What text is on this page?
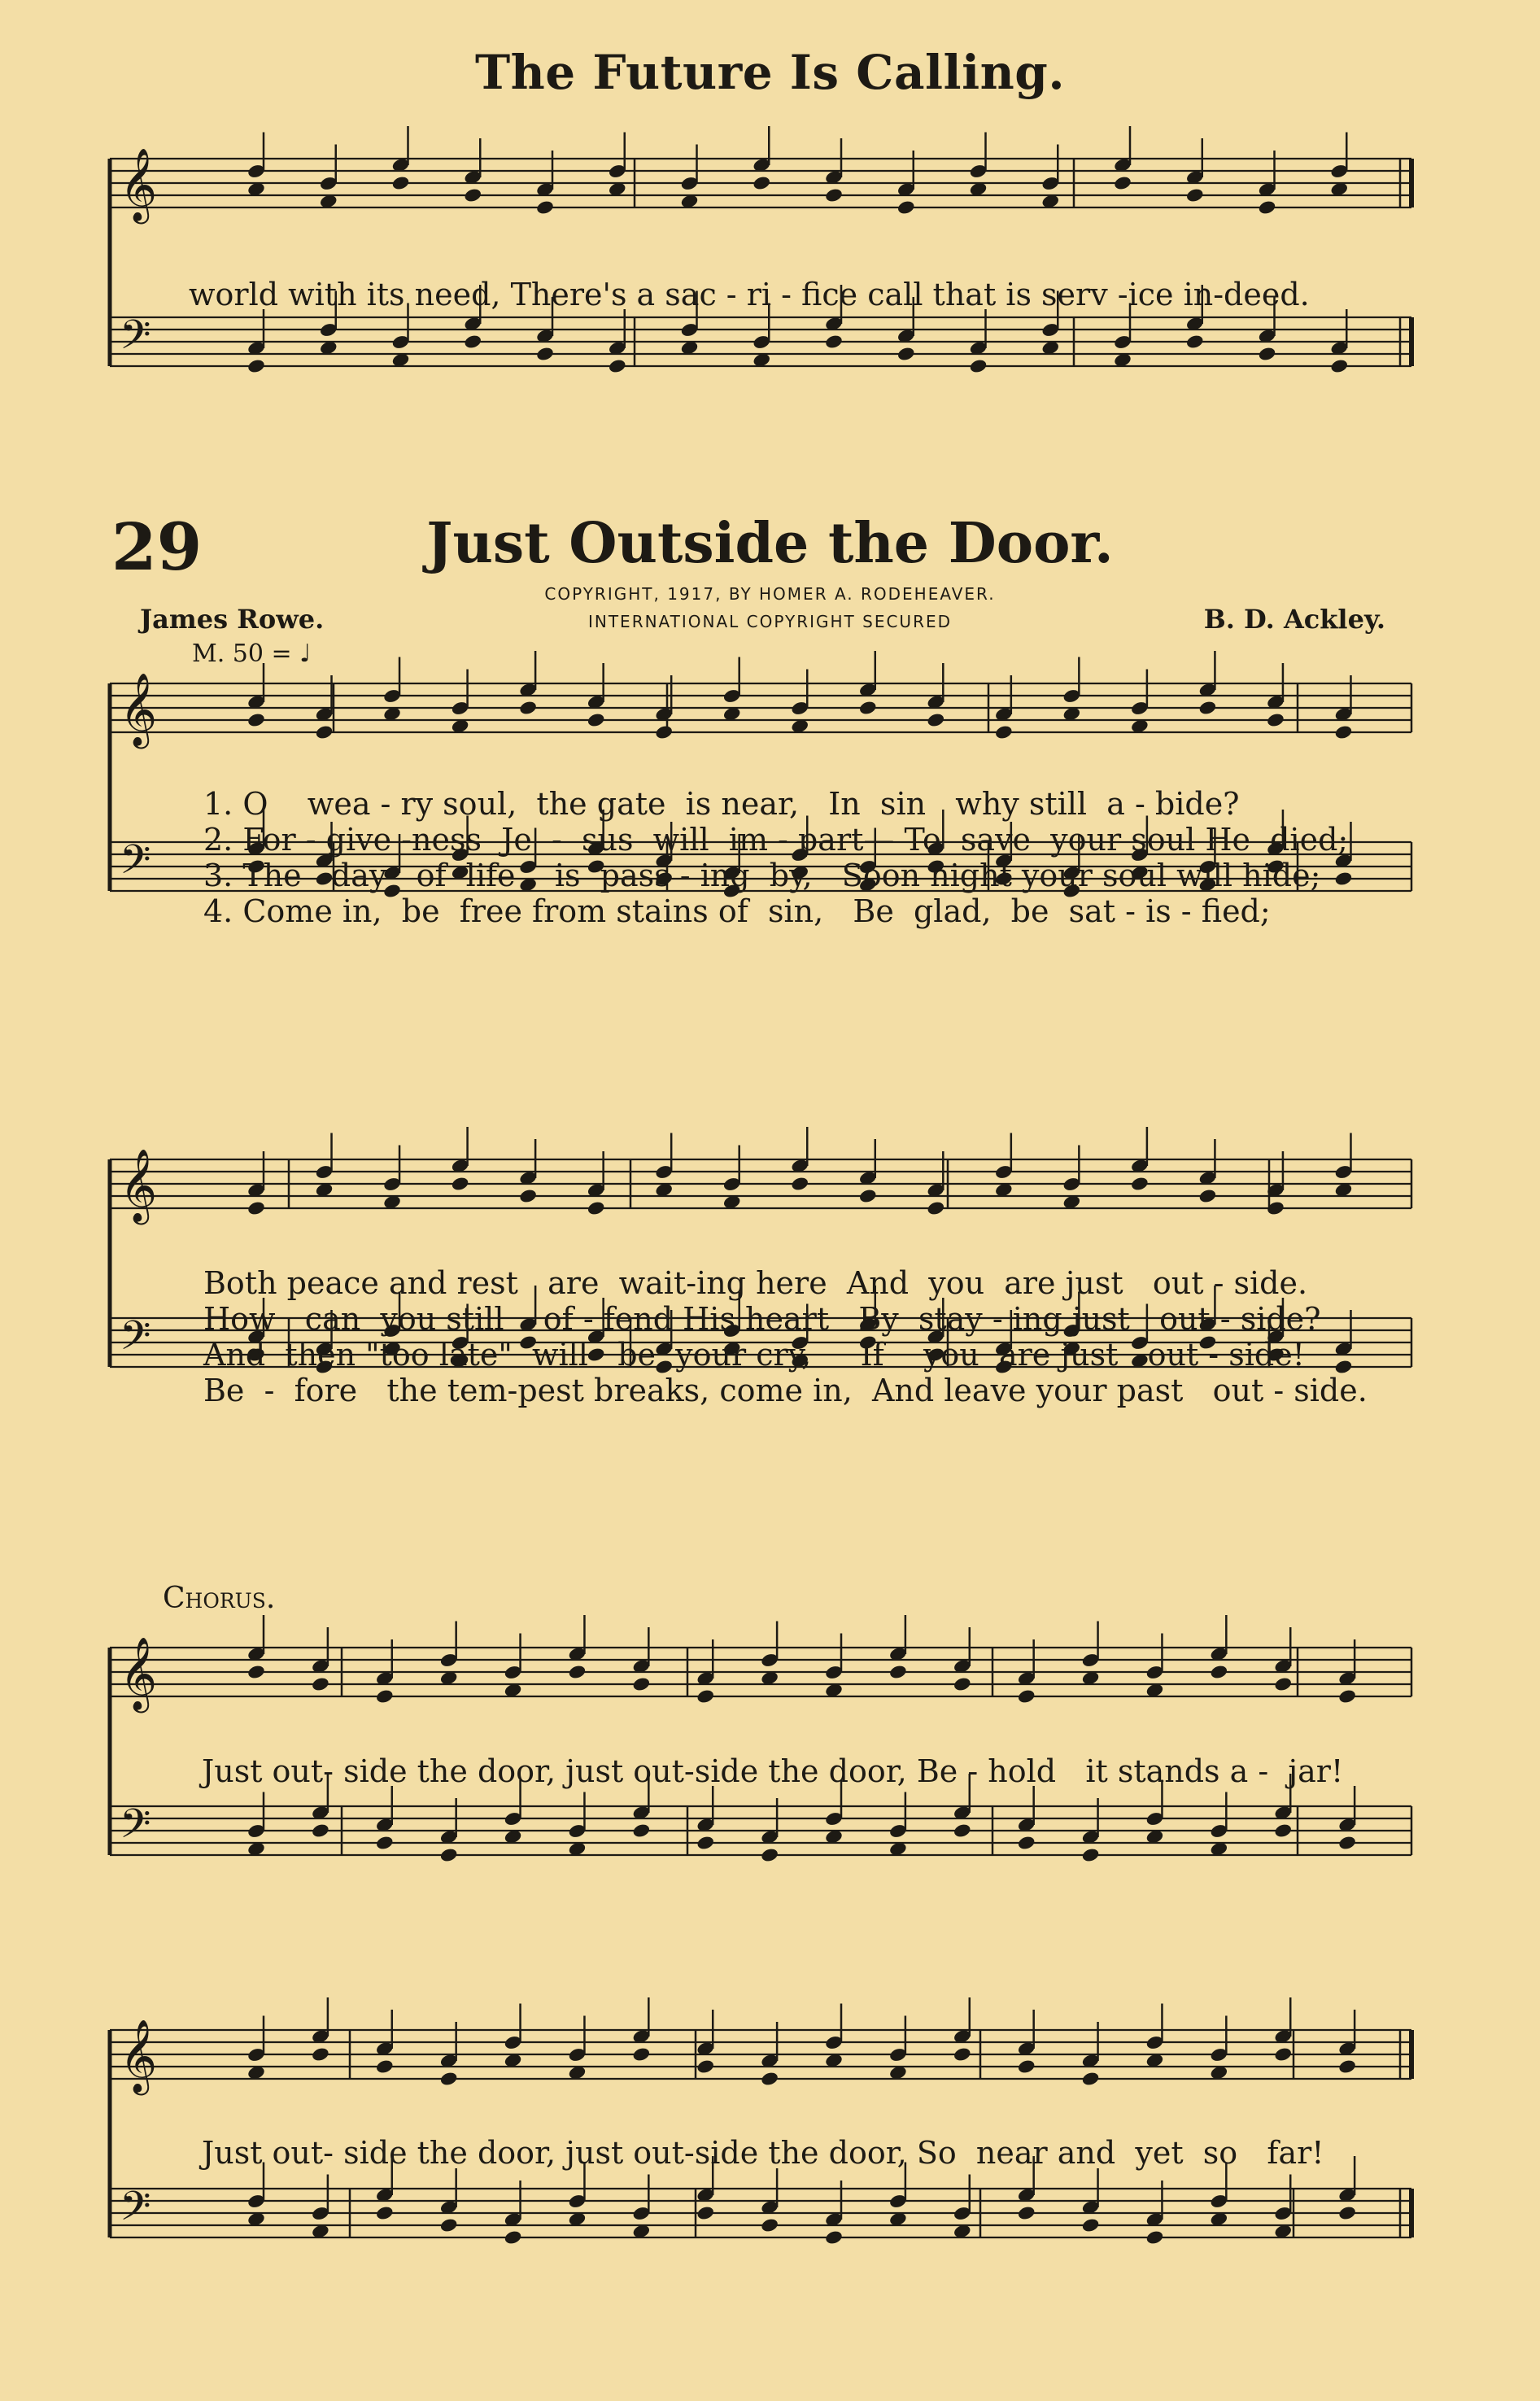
𝄞
𝄢
𝄞
𝄢
𝄞
𝄢
𝄞
𝄢
𝄞
𝄢
The Future Is Calling.
world with its need, There's a sac - ri - fice call that is serv -ice in-deed.
29	Just Outside the Door.
COPYRIGHT, 1917, BY HOMER A. RODEHEAVER.
INTERNATIONAL COPYRIGHT SECURED
James Rowe.	B. D. Ackley.
M. 50 = ♩
1. O    wea - ry soul,  the gate  is near,   In  sin   why still  a - bide?
2. For - give -ness  Je  -  sus  will  im - part— To  save  your soul He  died;
3. The   day   of  life    is  pass - ing  by,   Soon night your soul will hide;
4. Come in,  be  free from stains of  sin,   Be  glad,  be  sat - is - fied;
Both peace and rest   are  wait-ing here  And  you  are just   out - side.
How   can  you still    of - fend His heart   By  stay - ing just   out - side?
And  then "too late"  will   be  your cry,     If    you  are just   out - side!
Be  -  fore   the tem-pest breaks, come in,  And leave your past   out - side.
Chorus.
Just out- side the door, just out-side the door, Be - hold   it stands a -  jar!
Just out- side the door, just out-side the door, So  near and  yet  so   far!
